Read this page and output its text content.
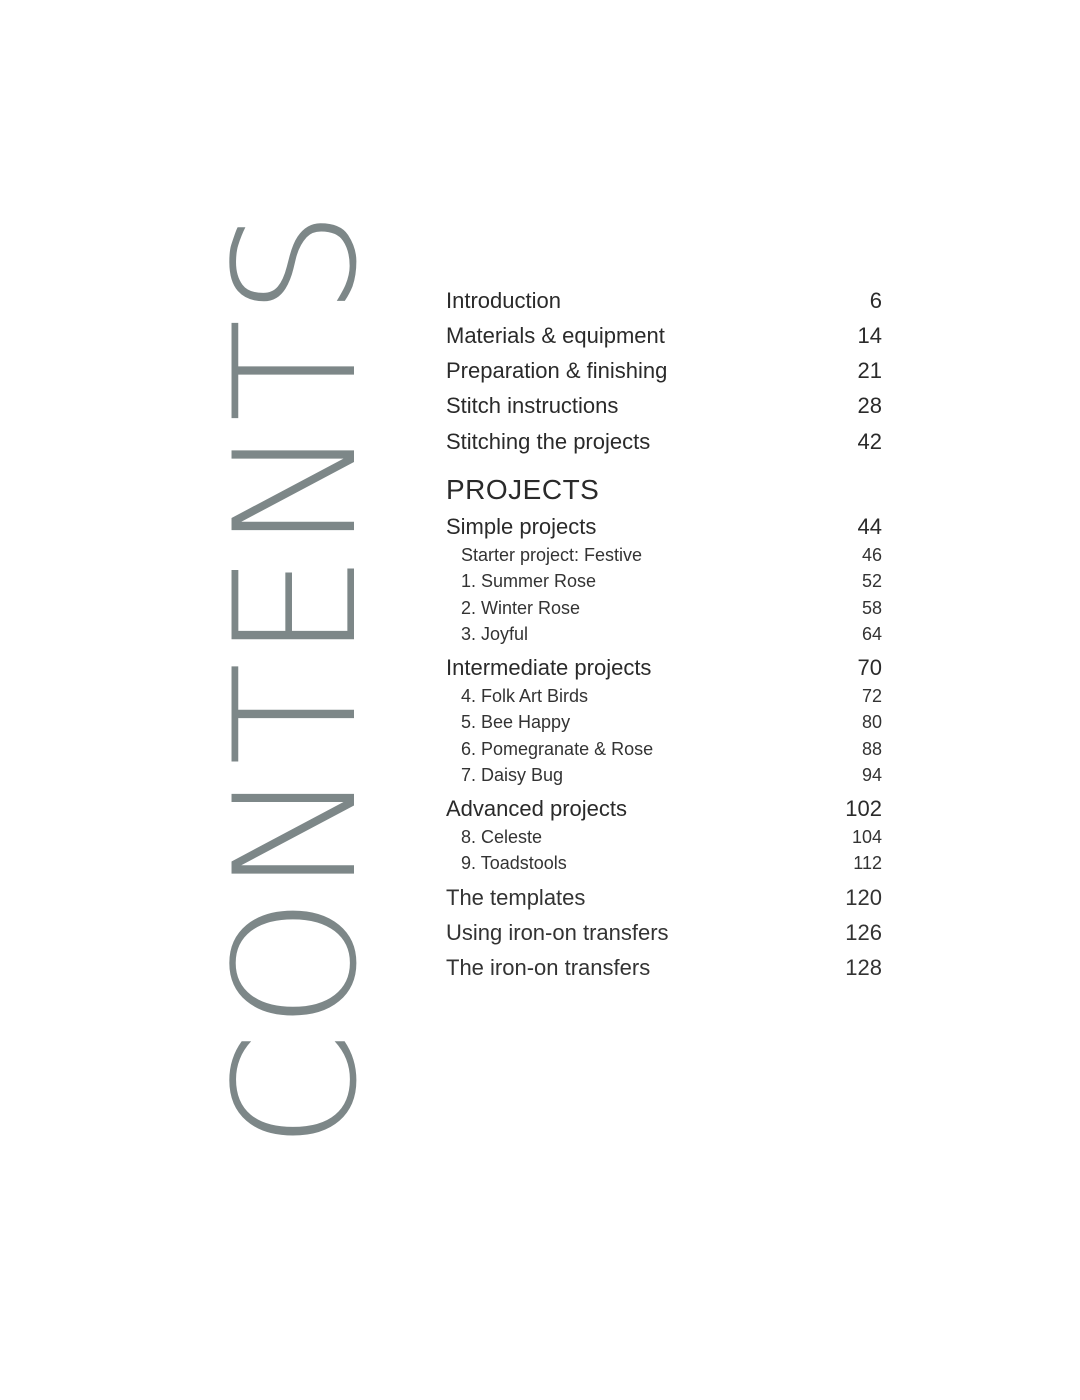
CONTENTS Introduction	6
Materials & equipment	14
Preparation & finishing	21
Stitch instructions	28
Stitching the projects	42
PROJECTS
Simple projects	44
Starter project: Festive	46
1. Summer Rose	52
2. Winter Rose	58
3. Joyful	64
Intermediate projects	70
4. Folk Art Birds	72
5. Bee Happy	80
6. Pomegranate & Rose	88
7. Daisy Bug	94
Advanced projects	102
8. Celeste	104
9. Toadstools	112
The templates	120
Using iron-on transfers	126
The iron-on transfers	128
